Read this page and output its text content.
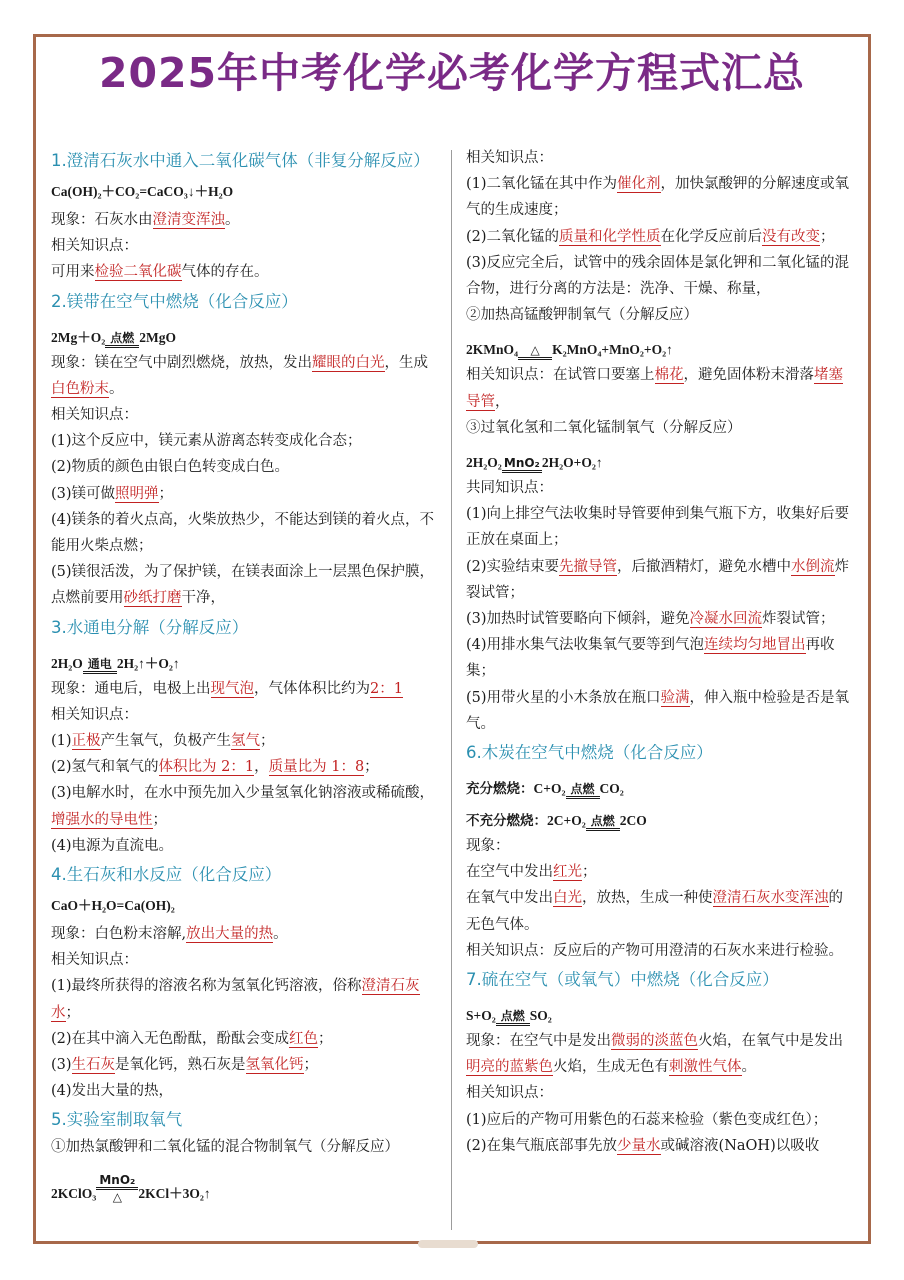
2025年中考化学必考化学方程式汇总

1.澄清石灰水中通入二氧化碳气体（非复分解反应）

Ca(OH)₂＋CO₂=CaCO₃↓＋H₂O

现象：石灰水由澄清变浑浊。

相关知识点：

可用来检验二氧化碳气体的存在。

2.镁带在空气中燃烧（化合反应）

2Mg＋O₂ 点燃 2MgO

现象：镁在空气中剧烈燃烧，放热，发出耀眼的白光，生成白色粉末。

相关知识点：

(1)这个反应中，镁元素从游离态转变成化合态；

(2)物质的颜色由银白色转变成白色。

(3)镁可做照明弹；

(4)镁条的着火点高，火柴放热少，不能达到镁的着火点，不能用火柴点燃；

(5)镁很活泼，为了保护镁，在镁表面涂上一层黑色保护膜，点燃前要用砂纸打磨干净，

3.水通电分解（分解反应）

2H₂O 通电 2H₂↑＋O₂↑

现象：通电后，电极上出现气泡，气体体积比约为2：1

相关知识点：

(1)正极产生氧气，负极产生氢气；

(2)氢气和氧气的体积比为 2：1，质量比为 1：8；

(3)电解水时，在水中预先加入少量氢氧化钠溶液或稀硫酸，增强水的导电性；

(4)电源为直流电。

4.生石灰和水反应（化合反应）

CaO＋H₂O=Ca(OH)₂

现象：白色粉末溶解,放出大量的热。

相关知识点：

(1)最终所获得的溶液名称为氢氧化钙溶液，俗称澄清石灰水；

(2)在其中滴入无色酚酞，酚酞会变成红色；

(3)生石灰是氧化钙，熟石灰是氢氧化钙；

(4)发出大量的热，

5.实验室制取氧气

①加热氯酸钾和二氧化锰的混合物制氧气（分解反应）

2KClO₃
MnO₂
△	2KCl＋3O₂↑

相关知识点：

(1)二氧化锰在其中作为催化剂，加快氯酸钾的分解速度或氧气的生成速度；

(2)二氧化锰的质量和化学性质在化学反应前后没有改变；

(3)反应完全后，试管中的残余固体是氯化钾和二氧化锰的混合物，进行分离的方法是：洗净、干燥、称量，

②加热高锰酸钾制氧气（分解反应）

2KMnO₄	△ K₂MnO₄+MnO₂+O₂↑

相关知识点：在试管口要塞上棉花，避免固体粉末滑落堵塞导管，

③过氧化氢和二氧化锰制氧气（分解反应）

2H₂O₂ MnO₂ 2H₂O+O₂↑

共同知识点：

(1)向上排空气法收集时导管要伸到集气瓶下方，收集好后要正放在桌面上；

(2)实验结束要先撤导管，后撤酒精灯，避免水槽中水倒流炸裂试管；

(3)加热时试管要略向下倾斜，避免冷凝水回流炸裂试管；

(4)用排水集气法收集氧气要等到气泡连续均匀地冒出再收集；

(5)用带火星的小木条放在瓶口验满，伸入瓶中检验是否是氧气。

6.木炭在空气中燃烧（化合反应）

充分燃烧：C+O₂ 点燃 CO₂

不充分燃烧：2C+O₂ 点燃 2CO

现象：

在空气中发出红光；

在氧气中发出白光，放热，生成一种使澄清石灰水变浑浊的无色气体。

相关知识点：反应后的产物可用澄清的石灰水来进行检验。

7.硫在空气（或氧气）中燃烧（化合反应）

S+O₂ 点燃 SO₂

现象：在空气中是发出微弱的淡蓝色火焰，在氧气中是发出明亮的蓝紫色火焰，生成无色有刺激性气体。

相关知识点：

(1)应后的产物可用紫色的石蕊来检验（紫色变成红色）；

(2)在集气瓶底部事先放少量水或碱溶液(NaOH)以吸收
